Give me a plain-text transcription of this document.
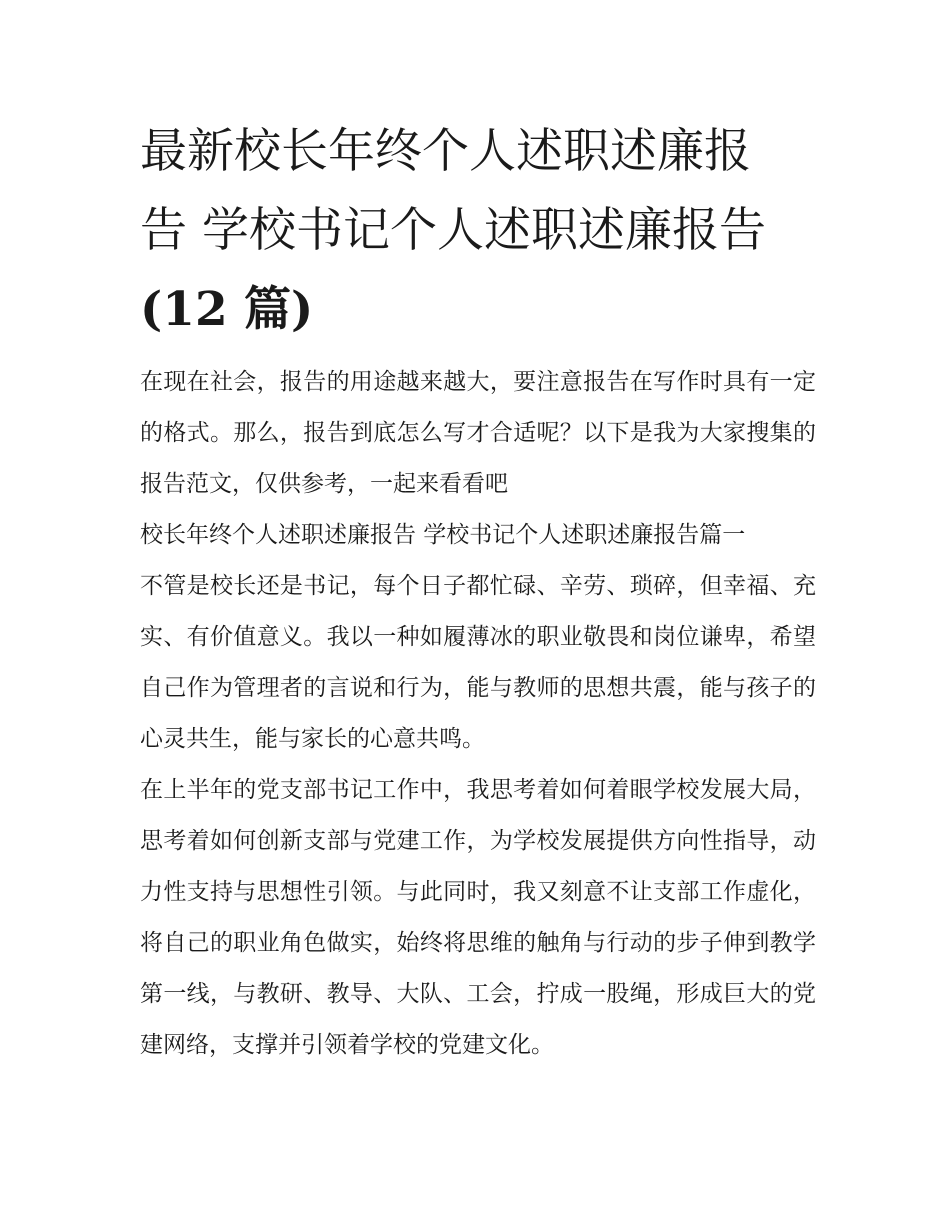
最新校长年终个人述职述廉报
告 学校书记个人述职述廉报告
(12 篇)

在现在社会，报告的用途越来越大，要注意报告在写作时具有一定的格式。那么，报告到底怎么写才合适呢？以下是我为大家搜集的报告范文，仅供参考，一起来看看吧

校长年终个人述职述廉报告 学校书记个人述职述廉报告篇一

不管是校长还是书记，每个日子都忙碌、辛劳、琐碎，但幸福、充实、有价值意义。我以一种如履薄冰的职业敬畏和岗位谦卑，希望自己作为管理者的言说和行为，能与教师的思想共震，能与孩子的心灵共生，能与家长的心意共鸣。

在上半年的党支部书记工作中，我思考着如何着眼学校发展大局，思考着如何创新支部与党建工作，为学校发展提供方向性指导，动力性支持与思想性引领。与此同时，我又刻意不让支部工作虚化，将自己的职业角色做实，始终将思维的触角与行动的步子伸到教学第一线，与教研、教导、大队、工会，拧成一股绳，形成巨大的党建网络，支撑并引领着学校的党建文化。
